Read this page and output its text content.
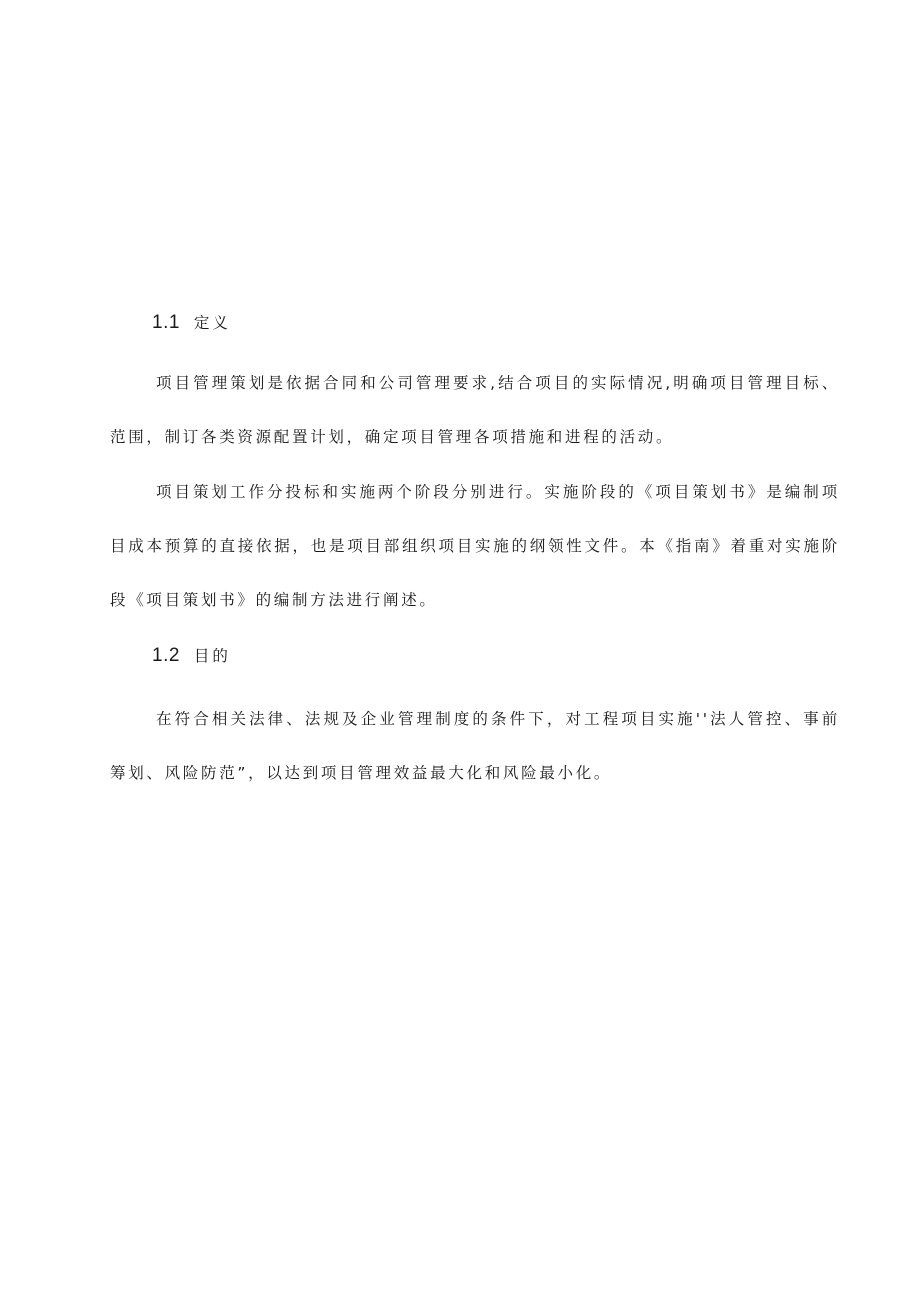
1.1 定义

项目管理策划是依据合同和公司管理要求,结合项目的实际情况,明确项目管理目标、范围，制订各类资源配置计划，确定项目管理各项措施和进程的活动。

项目策划工作分投标和实施两个阶段分别进行。实施阶段的《项目策划书》是编制项目成本预算的直接依据，也是项目部组织项目实施的纲领性文件。本《指南》着重对实施阶段《项目策划书》的编制方法进行阐述。

1.2 目的

在符合相关法律、法规及企业管理制度的条件下，对工程项目实施''法人管控、事前筹划、风险防范”，以达到项目管理效益最大化和风险最小化。
